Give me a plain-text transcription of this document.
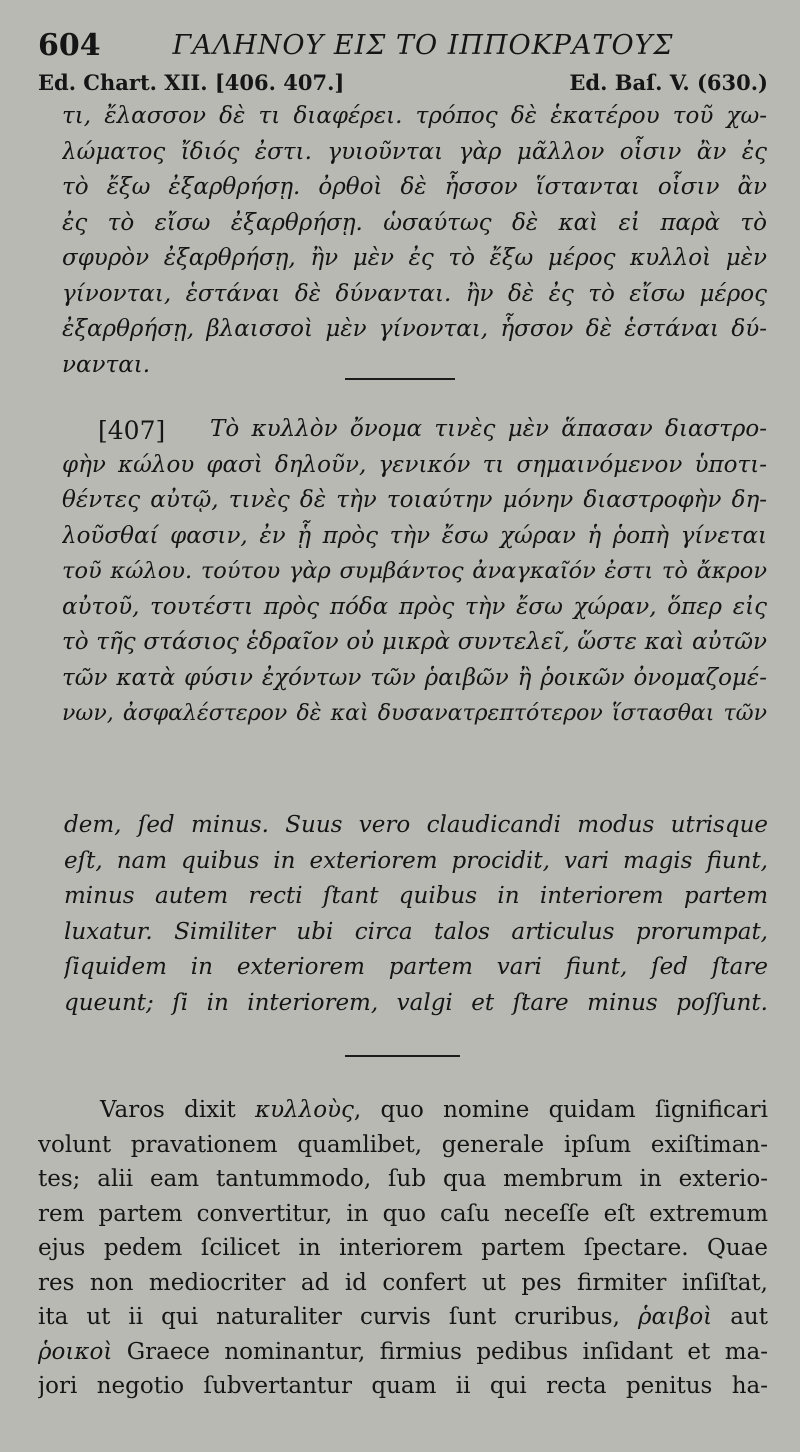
604	ΓΑΛΗΝΟΥ ΕΙΣ ΤΟ ΙΠΠΟΚΡΑΤΟΥΣ
Ed. Chart. XII. [406. 407.]	Ed. Baſ. V. (630.)
τι, ἔλασσον δὲ τι διαφέρει. τρόπος δὲ ἑκατέρου τοῦ χω-
λώματος ἴδιός ἐστι. γυιοῦνται γὰρ μᾶλλον οἷσιν ἂν ἐς
τὸ ἔξω ἐξαρθρήσῃ. ὀρθοὶ δὲ ἧσσον ἵστανται οἷσιν ἂν
ἐς τὸ εἴσω ἐξαρθρήσῃ. ὡσαύτως δὲ καὶ εἰ παρὰ τὸ
σφυρὸν ἐξαρθρήσῃ, ἢν μὲν ἐς τὸ ἔξω μέρος κυλλοὶ μὲν
γίνονται, ἑστάναι δὲ δύνανται. ἢν δὲ ἐς τὸ εἴσω μέρος
ἐξαρθρήσῃ, βλαισσοὶ μὲν γίνονται, ἧσσον δὲ ἑστάναι δύ-
νανται.
[407] Τὸ κυλλὸν ὄνομα τινὲς μὲν ἅπασαν διαστρο-
φὴν κώλου φασὶ δηλοῦν, γενικόν τι σημαινόμενον ὑποτι-
θέντες αὐτῷ, τινὲς δὲ τὴν τοιαύτην μόνην διαστροφὴν δη-
λοῦσθαί φασιν, ἐν ᾗ πρὸς τὴν ἔσω χώραν ἡ ῥοπὴ γίνεται
τοῦ κώλου. τούτου γὰρ συμβάντος ἀναγκαῖόν ἐστι τὸ ἄκρον
αὐτοῦ, τουτέστι πρὸς πόδα πρὸς τὴν ἔσω χώραν, ὅπερ εἰς
τὸ τῆς στάσιος ἑδραῖον οὐ μικρὰ συντελεῖ, ὥστε καὶ αὐτῶν
τῶν κατὰ φύσιν ἐχόντων τῶν ῥαιβῶν ἢ ῥοικῶν ὀνομαζομέ-
νων, ἀσφαλέστερον δὲ καὶ δυσανατρεπτότερον ἵστασθαι τῶν
dem, ſed minus. Suus vero claudicandi modus utrisque
eſt, nam quibus in exteriorem procidit, vari magis fiunt,
minus autem recti ſtant quibus in interiorem partem
luxatur. Similiter ubi circa talos articulus prorumpat,
ſiquidem in exteriorem partem vari fiunt, ſed ſtare
queunt; ſi in interiorem, valgi et ſtare minus poſſunt.
Varos dixit κυλλοὺς, quo nomine quidam ſignificari
volunt pravationem quamlibet, generale ipſum exiſtiman-
tes; alii eam tantummodo, ſub qua membrum in exterio-
rem partem convertitur, in quo caſu neceſſe eſt extremum
ejus pedem ſcilicet in interiorem partem ſpectare. Quae
res non mediocriter ad id confert ut pes firmiter inſiſtat,
ita ut ii qui naturaliter curvis ſunt cruribus, ῥαιβοὶ aut
ῥοικοὶ Graece nominantur, firmius pedibus inſidant et ma-
jori negotio ſubvertantur quam ii qui recta penitus ha-
